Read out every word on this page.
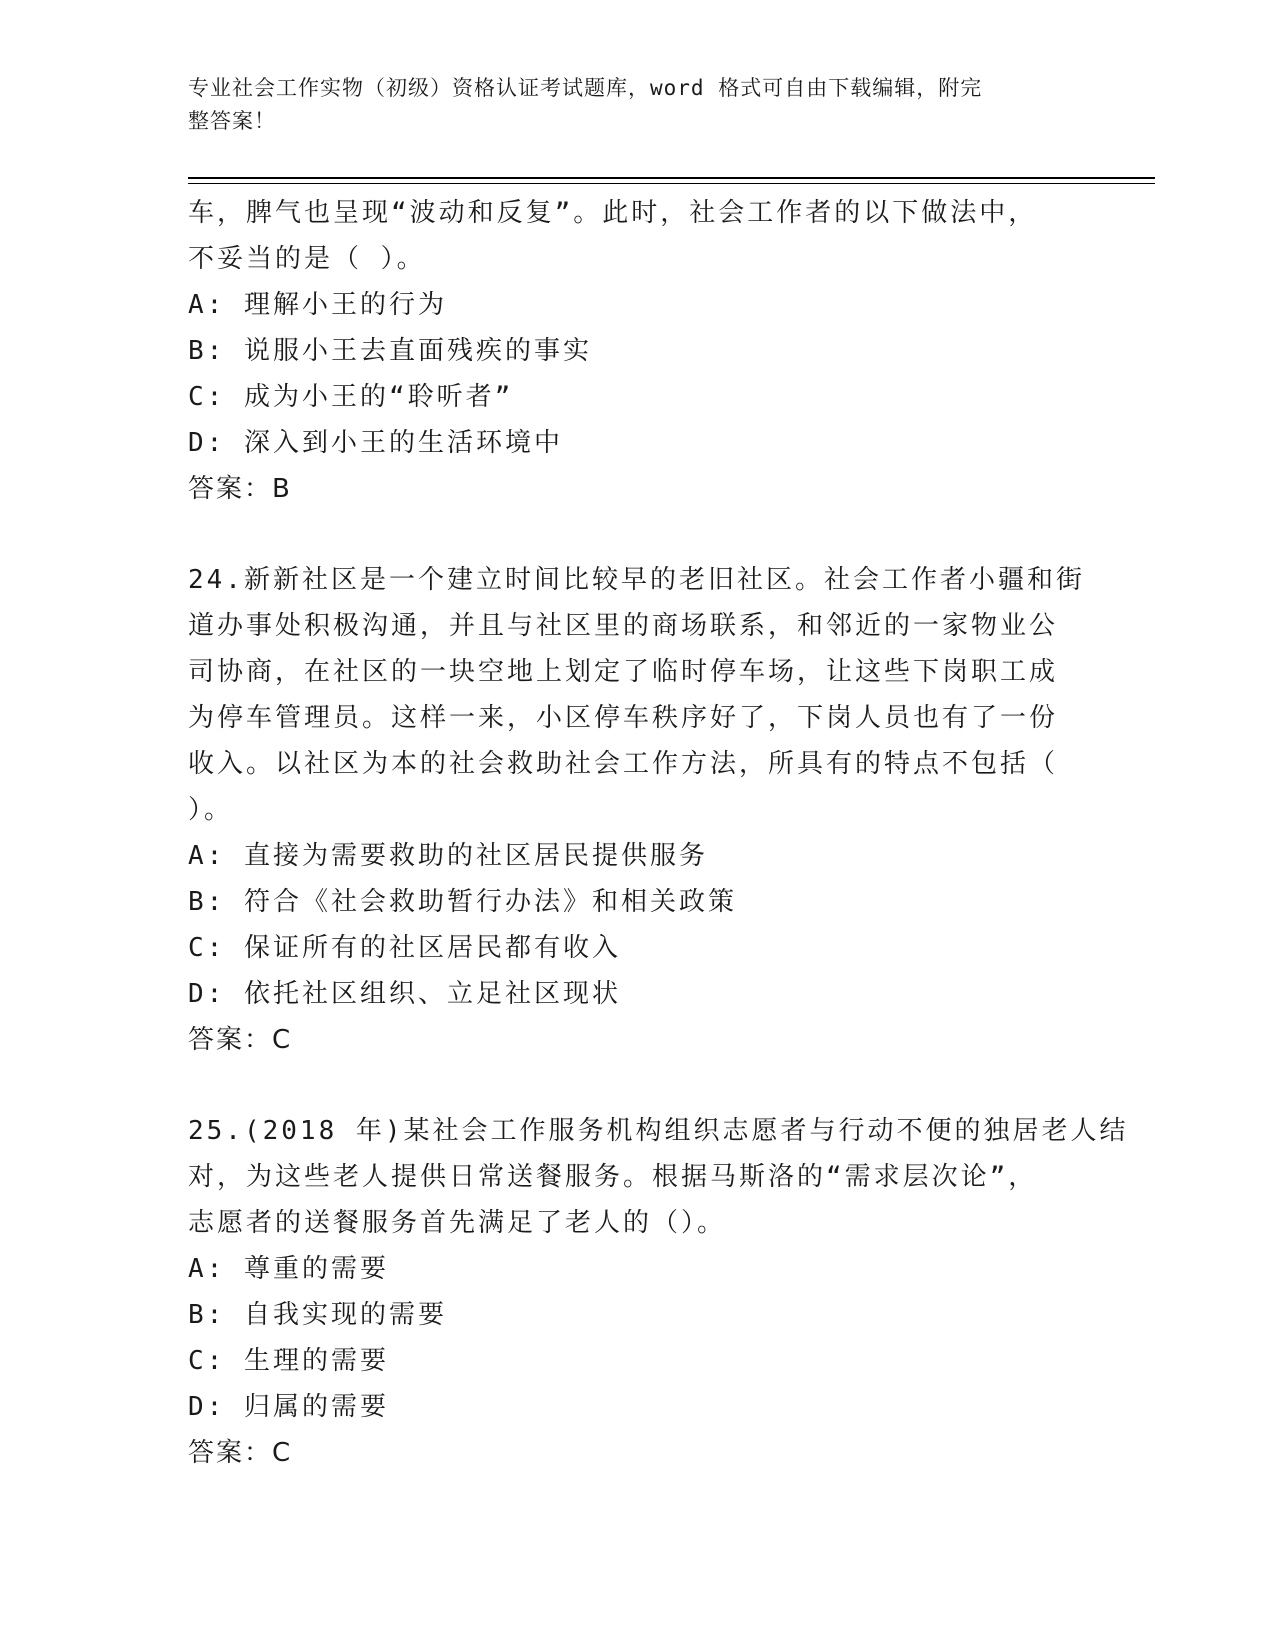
专业社会工作实物（初级）资格认证考试题库，word 格式可自由下载编辑，附完
整答案！
车，脾气也呈现“波动和反复”。此时，社会工作者的以下做法中，
不妥当的是（ ）。
A: 理解小王的行为
B: 说服小王去直面残疾的事实
C: 成为小王的“聆听者”
D: 深入到小王的生活环境中
答案：B
24.新新社区是一个建立时间比较早的老旧社区。社会工作者小疆和街
道办事处积极沟通，并且与社区里的商场联系，和邻近的一家物业公
司协商，在社区的一块空地上划定了临时停车场，让这些下岗职工成
为停车管理员。这样一来，小区停车秩序好了，下岗人员也有了一份
收入。以社区为本的社会救助社会工作方法，所具有的特点不包括（
）。
A: 直接为需要救助的社区居民提供服务
B: 符合《社会救助暂行办法》和相关政策
C: 保证所有的社区居民都有收入
D: 依托社区组织、立足社区现状
答案：C
25.(2018 年)某社会工作服务机构组织志愿者与行动不便的独居老人结
对，为这些老人提供日常送餐服务。根据马斯洛的“需求层次论”，
志愿者的送餐服务首先满足了老人的（）。
A: 尊重的需要
B: 自我实现的需要
C: 生理的需要
D: 归属的需要
答案：C
